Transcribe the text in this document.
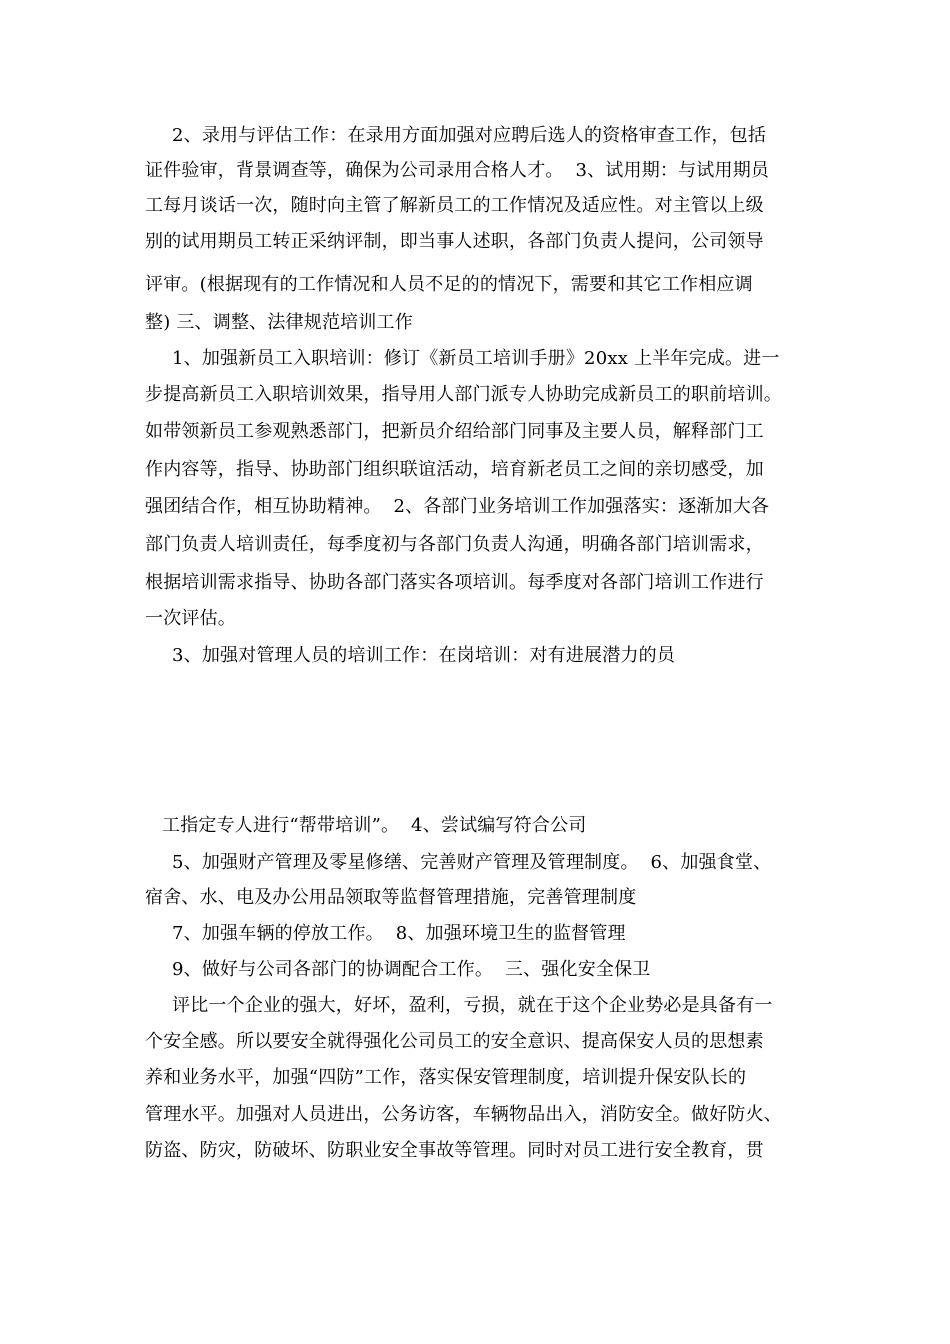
2、录用与评估工作：在录用方面加强对应聘后选人的资格审查工作，包括
证件验审，背景调查等，确保为公司录用合格人才。  3、试用期：与试用期员
工每月谈话一次，随时向主管了解新员工的工作情况及适应性。对主管以上级
别的试用期员工转正采纳评制，即当事人述职，各部门负责人提问，公司领导
评审。(根据现有的工作情况和人员不足的的情况下，需要和其它工作相应调
整) 三、调整、法律规范培训工作
1、加强新员工入职培训：修订《新员工培训手册》20xx 上半年完成。进一
步提高新员工入职培训效果，指导用人部门派专人协助完成新员工的职前培训。
如带领新员工参观熟悉部门，把新员介绍给部门同事及主要人员，解释部门工
作内容等，指导、协助部门组织联谊活动，培育新老员工之间的亲切感受，加
强团结合作，相互协助精神。  2、各部门业务培训工作加强落实：逐渐加大各
部门负责人培训责任，每季度初与各部门负责人沟通，明确各部门培训需求，
根据培训需求指导、协助各部门落实各项培训。每季度对各部门培训工作进行
一次评估。
3、加强对管理人员的培训工作：在岗培训：对有进展潜力的员
工指定专人进行“帮带培训”。  4、尝试编写符合公司
5、加强财产管理及零星修缮、完善财产管理及管理制度。  6、加强食堂、
宿舍、水、电及办公用品领取等监督管理措施，完善管理制度
7、加强车辆的停放工作。  8、加强环境卫生的监督管理
9、做好与公司各部门的协调配合工作。  三、强化安全保卫
评比一个企业的强大，好坏，盈利，亏损，就在于这个企业势必是具备有一
个安全感。所以要安全就得强化公司员工的安全意识、提高保安人员的思想素
养和业务水平，加强“四防”工作，落实保安管理制度，培训提升保安队长的
管理水平。加强对人员进出，公务访客，车辆物品出入，消防安全。做好防火、
防盗、防灾，防破坏、防职业安全事故等管理。同时对员工进行安全教育，贯
